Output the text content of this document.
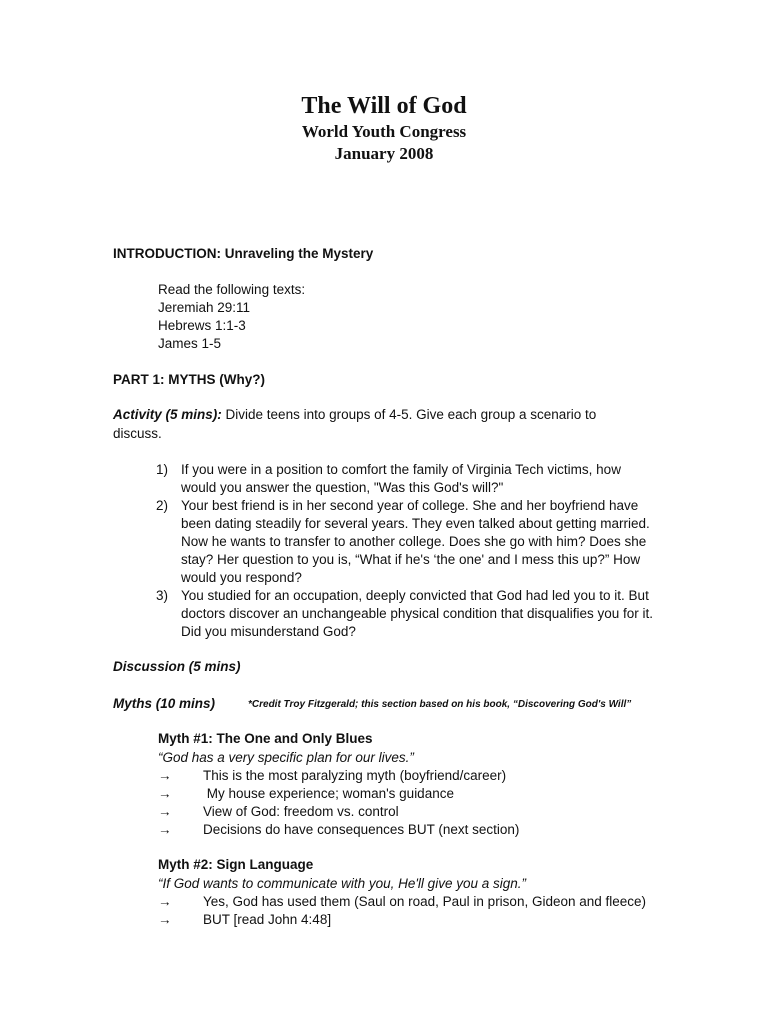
The Will of God
World Youth Congress
January 2008
INTRODUCTION: Unraveling the Mystery
Read the following texts:
Jeremiah 29:11
Hebrews 1:1-3
James 1-5
PART 1: MYTHS (Why?)
Activity (5 mins): Divide teens into groups of 4-5. Give each group a scenario to
discuss.
1) If you were in a position to comfort the family of Virginia Tech victims, how would you answer the question, "Was this God's will?"
2) Your best friend is in her second year of college. She and her boyfriend have been dating steadily for several years. They even talked about getting married. Now he wants to transfer to another college. Does she go with him? Does she stay? Her question to you is, “What if he's ‘the one' and I mess this up?” How would you respond?
3) You studied for an occupation, deeply convicted that God had led you to it. But doctors discover an unchangeable physical condition that disqualifies you for it. Did you misunderstand God?
Discussion (5 mins)
Myths (10 mins)	*Credit Troy Fitzgerald; this section based on his book, “Discovering God's Will”
Myth #1: The One and Only Blues
“God has a very specific plan for our lives.”
→ This is the most paralyzing myth (boyfriend/career)
→ My house experience; woman's guidance
→ View of God: freedom vs. control
→ Decisions do have consequences BUT (next section)
Myth #2: Sign Language
“If God wants to communicate with you, He'll give you a sign.”
→ Yes, God has used them (Saul on road, Paul in prison, Gideon and fleece)
→ BUT [read John 4:48]
